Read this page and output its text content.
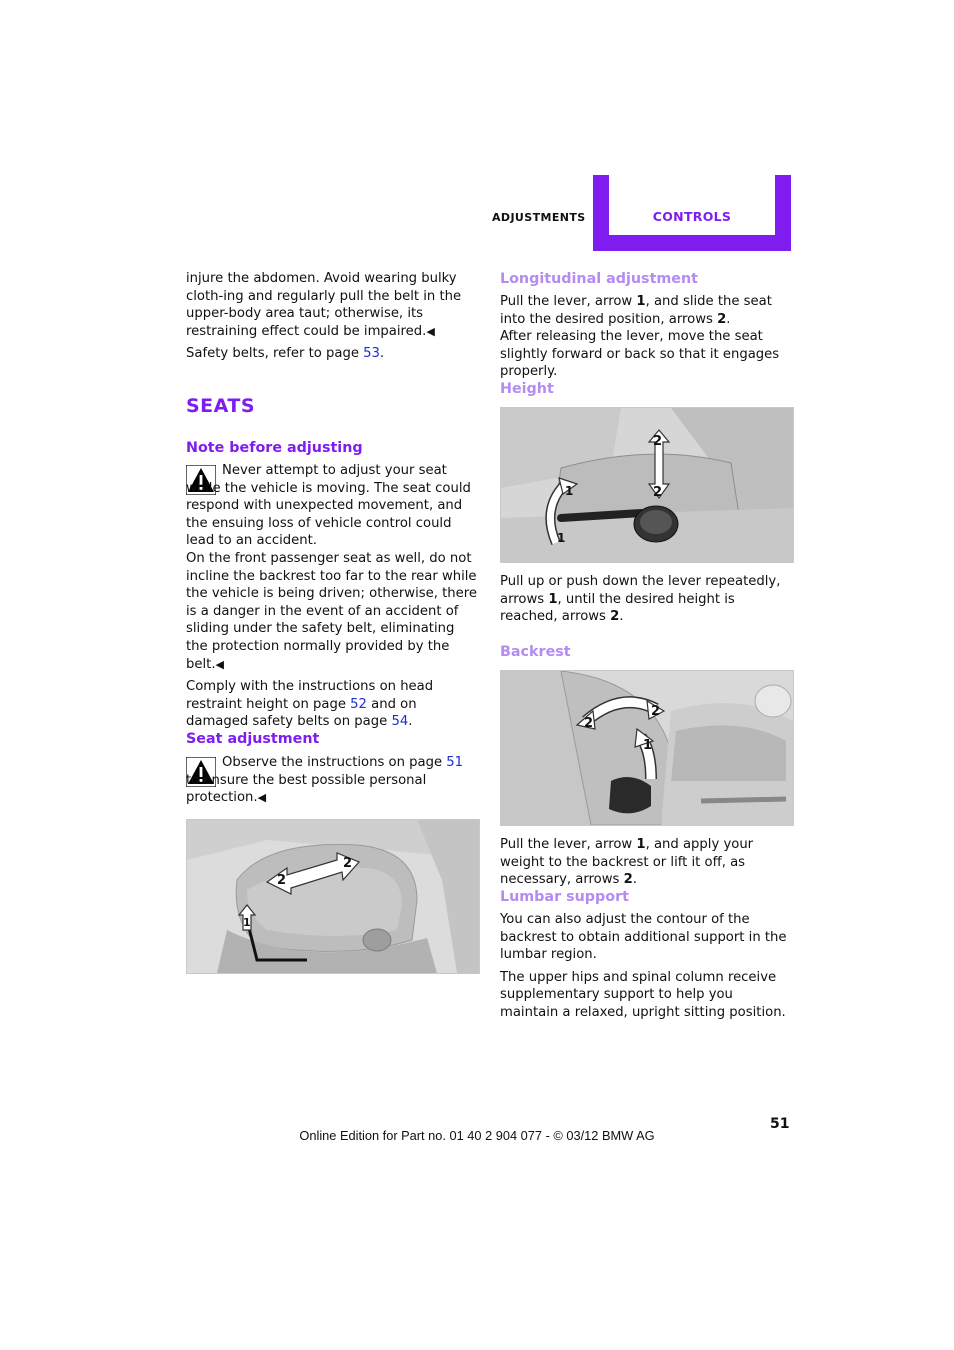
ADJUSTMENTS	CONTROLS

injure the abdomen. Avoid wearing bulky cloth-ing and regularly pull the belt in the upper-body area taut; otherwise, its restraining effect could be impaired.◀

Safety belts, refer to page 53.

SEATS
Note before adjusting

Never attempt to adjust your seat while the vehicle is moving. The seat could respond with unexpected movement, and the ensuing loss of vehicle control could lead to an accident.

On the front passenger seat as well, do not incline the backrest too far to the rear while the vehicle is being driven; otherwise, there is a danger in the event of an accident of sliding under the safety belt, eliminating the protection normally provided by the belt.◀

Comply with the instructions on head restraint height on page 52 and on damaged safety belts on page 54.

Seat adjustment

Observe the instructions on page 51 to ensure the best possible personal protection.◀

2
2
1
Longitudinal adjustment

Pull the lever, arrow 1, and slide the seat into the desired position, arrows 2.

After releasing the lever, move the seat slightly forward or back so that it engages properly.

Height
2
2
1
1

Pull up or push down the lever repeatedly, arrows 1, until the desired height is reached, arrows 2.

Backrest
2
2
1

Pull the lever, arrow 1, and apply your weight to the backrest or lift it off, as necessary, arrows 2.

Lumbar support

You can also adjust the contour of the backrest to obtain additional support in the lumbar region.

The upper hips and spinal column receive supplementary support to help you maintain a relaxed, upright sitting position.

51
Online Edition for Part no. 01 40 2 904 077 - © 03/12 BMW AG
